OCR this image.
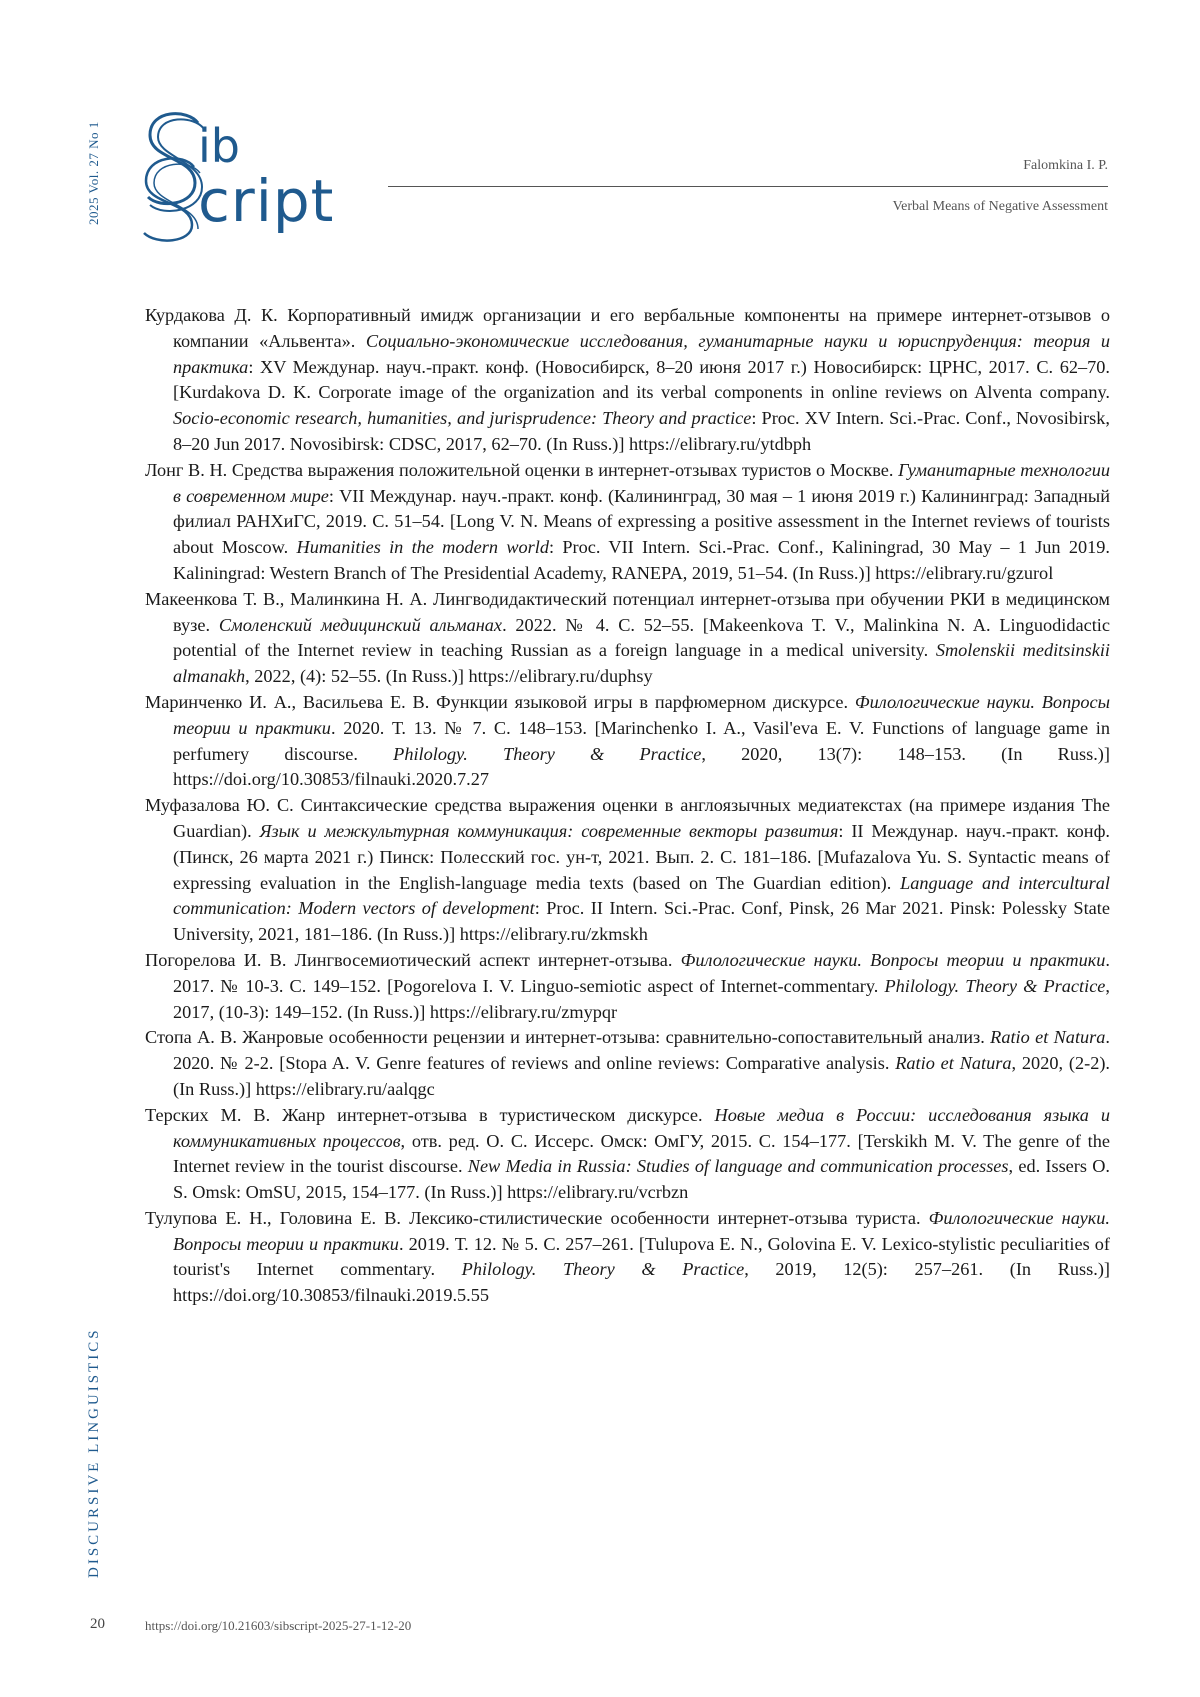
2025 Vol. 27 No 1
DISCURSIVE LINGUISTICS
ib
cript
Falomkina I. P.
Verbal Means of Negative Assessment
Курдакова Д. К. Корпоративный имидж организации и его вербальные компоненты на примере интернет-отзывов о компании «Альвента». Социально-экономические исследования, гуманитарные науки и юриспруденция: теория и практика: XV Междунар. науч.-практ. конф. (Новосибирск, 8–20 июня 2017 г.) Новосибирск: ЦРНС, 2017. С. 62–70. [Kurdakova D. K. Corporate image of the organization and its verbal components in online reviews on Alventa company. Socio-economic research, humanities, and jurisprudence: Theory and practice: Proc. XV Intern. Sci.-Prac. Conf., Novosibirsk, 8–20 Jun 2017. Novosibirsk: CDSC, 2017, 62–70. (In Russ.)] https://elibrary.ru/ytdbph
Лонг В. Н. Средства выражения положительной оценки в интернет-отзывах туристов о Москве. Гуманитарные технологии в современном мире: VII Междунар. науч.-практ. конф. (Калининград, 30 мая – 1 июня 2019 г.) Калининград: Западный филиал РАНХиГС, 2019. С. 51–54. [Long V. N. Means of expressing a positive assessment in the Internet reviews of tourists about Moscow. Humanities in the modern world: Proc. VII Intern. Sci.-Prac. Conf., Kaliningrad, 30 May – 1 Jun 2019. Kaliningrad: Western Branch of The Presidential Academy, RANEPA, 2019, 51–54. (In Russ.)] https://elibrary.ru/gzurol
Макеенкова Т. В., Малинкина Н. А. Лингводидактический потенциал интернет-отзыва при обучении РКИ в медицинском вузе. Смоленский медицинский альманах. 2022. № 4. С. 52–55. [Makeenkova T. V., Malinkina N. A. Linguodidactic potential of the Internet review in teaching Russian as a foreign language in a medical university. Smolenskii meditsinskii almanakh, 2022, (4): 52–55. (In Russ.)] https://elibrary.ru/duphsy
Маринченко И. А., Васильева Е. В. Функции языковой игры в парфюмерном дискурсе. Филологические науки. Вопросы теории и практики. 2020. Т. 13. № 7. С. 148–153. [Marinchenko I. A., Vasil'eva E. V. Functions of language game in perfumery discourse. Philology. Theory & Practice, 2020, 13(7): 148–153. (In Russ.)] https://doi.org/10.30853/filnauki.2020.7.27
Муфазалова Ю. С. Синтаксические средства выражения оценки в англоязычных медиатекстах (на примере издания The Guardian). Язык и межкультурная коммуникация: современные векторы развития: II Междунар. науч.-практ. конф. (Пинск, 26 марта 2021 г.) Пинск: Полесский гос. ун-т, 2021. Вып. 2. С. 181–186. [Mufazalova Yu. S. Syntactic means of expressing evaluation in the English-language media texts (based on The Guardian edition). Language and intercultural communication: Modern vectors of development: Proc. II Intern. Sci.-Prac. Conf, Pinsk, 26 Mar 2021. Pinsk: Polessky State University, 2021, 181–186. (In Russ.)] https://elibrary.ru/zkmskh
Погорелова И. В. Лингвосемиотический аспект интернет-отзыва. Филологические науки. Вопросы теории и практики. 2017. № 10-3. С. 149–152. [Pogorelova I. V. Linguo-semiotic aspect of Internet-commentary. Philology. Theory & Practice, 2017, (10-3): 149–152. (In Russ.)] https://elibrary.ru/zmypqr
Стопа А. В. Жанровые особенности рецензии и интернет-отзыва: сравнительно-сопоставительный анализ. Ratio et Natura. 2020. № 2-2. [Stopa A. V. Genre features of reviews and online reviews: Comparative analysis. Ratio et Natura, 2020, (2-2). (In Russ.)] https://elibrary.ru/aalqgc
Терских М. В. Жанр интернет-отзыва в туристическом дискурсе. Новые медиа в России: исследования языка и коммуникативных процессов, отв. ред. О. С. Иссерс. Омск: ОмГУ, 2015. С. 154–177. [Terskikh M. V. The genre of the Internet review in the tourist discourse. New Media in Russia: Studies of language and communication processes, ed. Issers O. S. Omsk: OmSU, 2015, 154–177. (In Russ.)] https://elibrary.ru/vcrbzn
Тулупова Е. Н., Головина Е. В. Лексико-стилистические особенности интернет-отзыва туриста. Филологические науки. Вопросы теории и практики. 2019. Т. 12. № 5. С. 257–261. [Tulupova E. N., Golovina E. V. Lexico-stylistic peculiarities of tourist's Internet commentary. Philology. Theory & Practice, 2019, 12(5): 257–261. (In Russ.)] https://doi.org/10.30853/filnauki.2019.5.55
20	https://doi.org/10.21603/sibscript-2025-27-1-12-20
